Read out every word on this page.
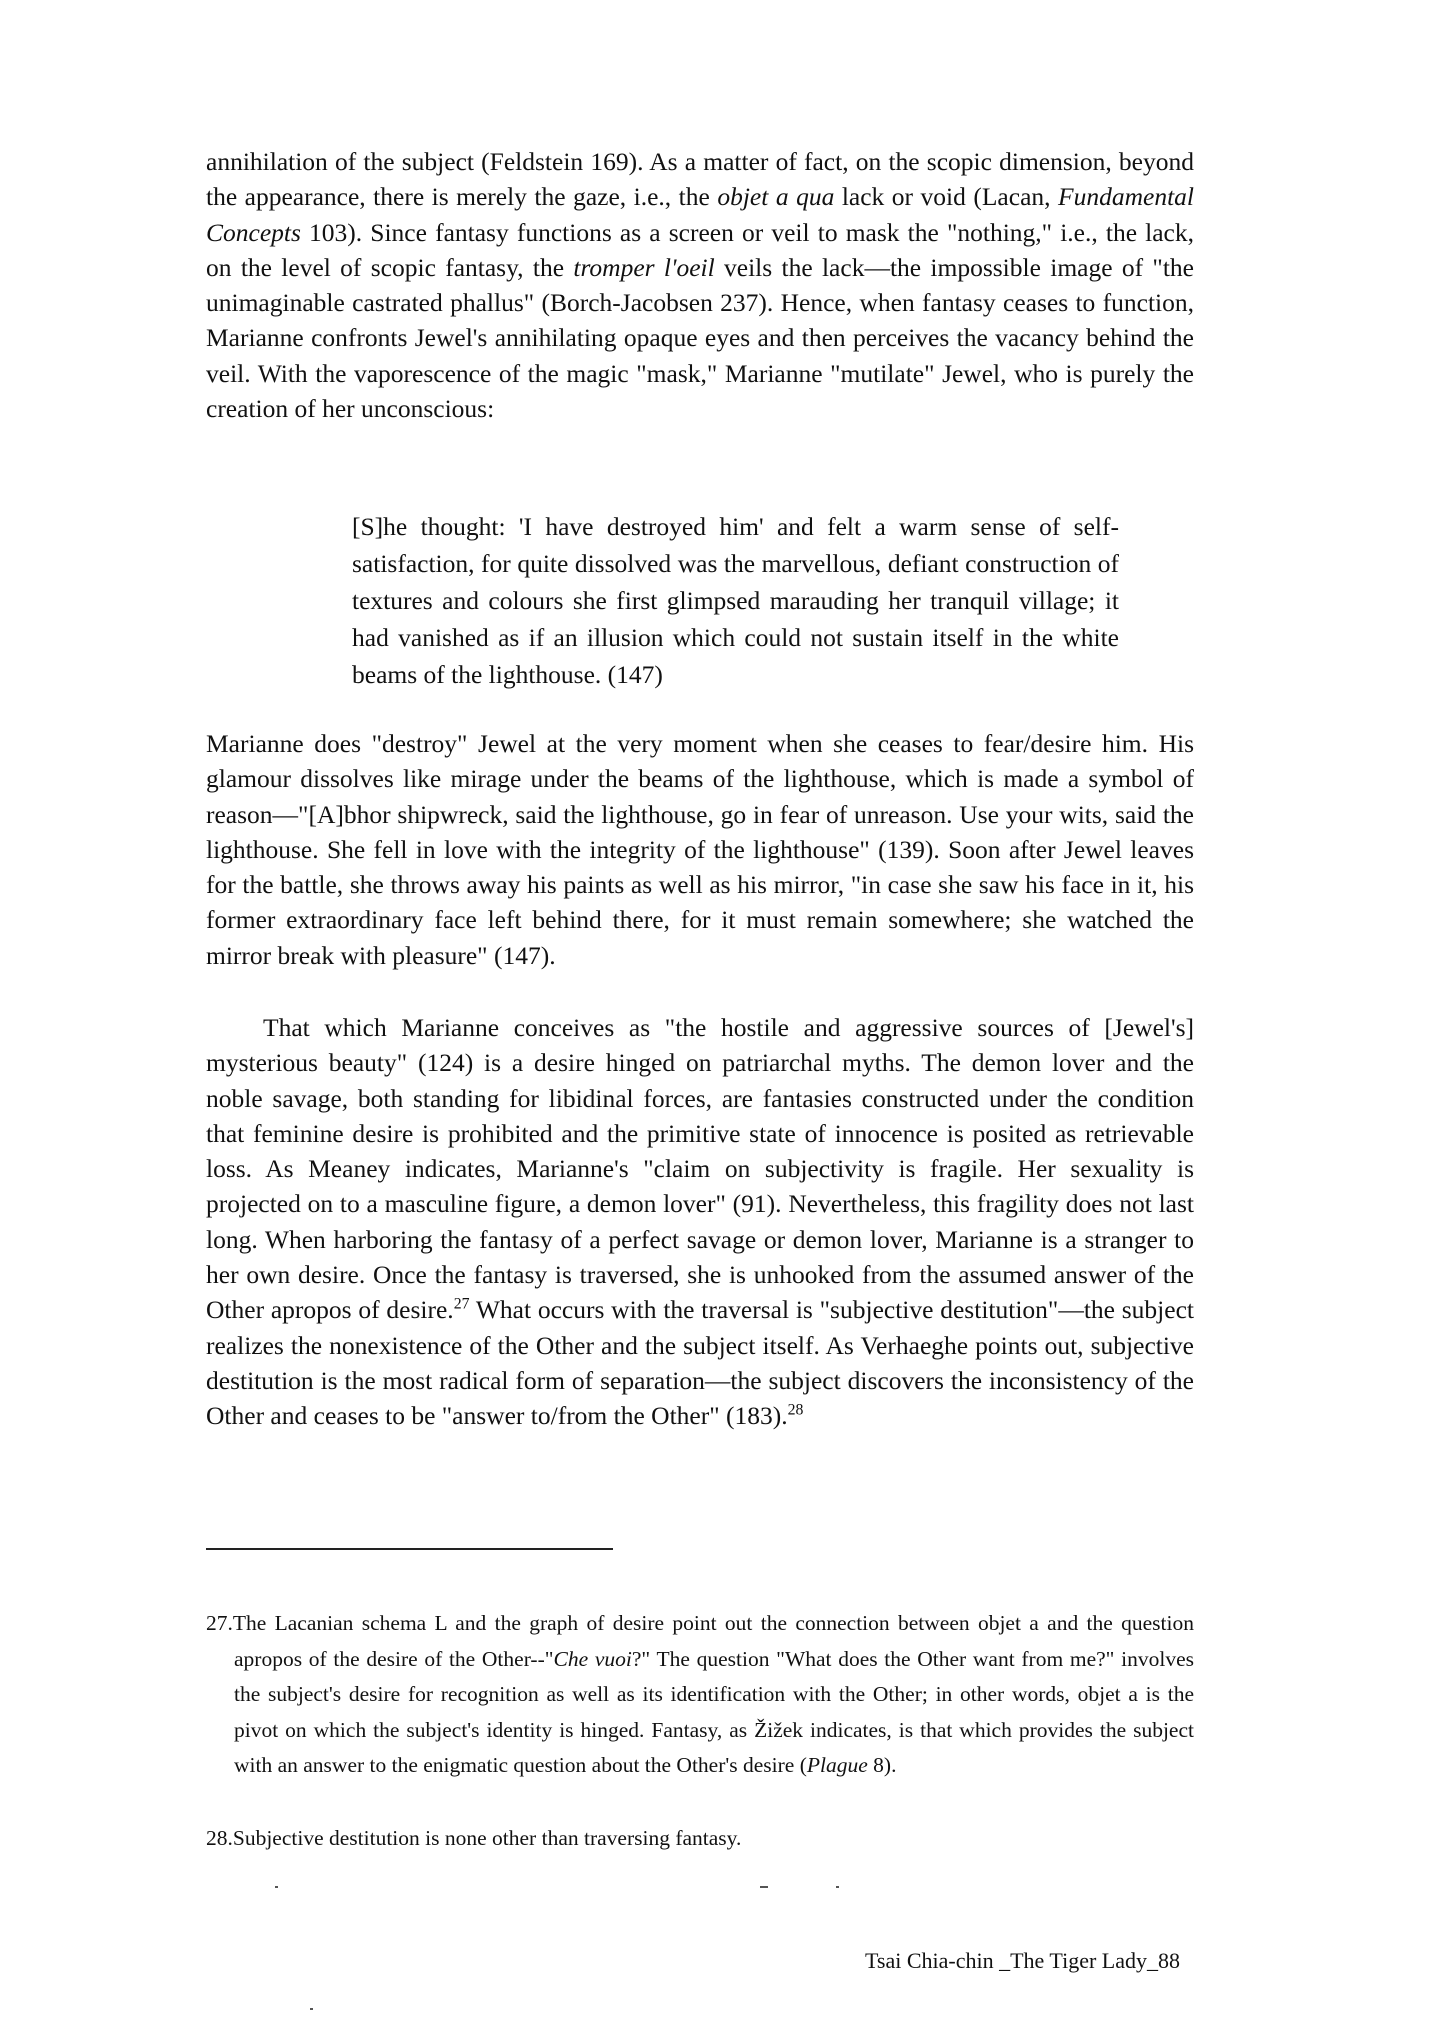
annihilation of the subject (Feldstein 169). As a matter of fact, on the scopic dimension, beyond the appearance, there is merely the gaze, i.e., the objet a qua lack or void (Lacan, Fundamental Concepts 103). Since fantasy functions as a screen or veil to mask the "nothing," i.e., the lack, on the level of scopic fantasy, the tromper l'oeil veils the lack—the impossible image of "the unimaginable castrated phallus" (Borch-Jacobsen 237). Hence, when fantasy ceases to function, Marianne confronts Jewel's annihilating opaque eyes and then perceives the vacancy behind the veil. With the vaporescence of the magic "mask," Marianne "mutilate" Jewel, who is purely the creation of her unconscious:

[S]he thought: 'I have destroyed him' and felt a warm sense of self-satisfaction, for quite dissolved was the marvellous, defiant construction of textures and colours she first glimpsed marauding her tranquil village; it had vanished as if an illusion which could not sustain itself in the white beams of the lighthouse. (147)

Marianne does "destroy" Jewel at the very moment when she ceases to fear/desire him. His glamour dissolves like mirage under the beams of the lighthouse, which is made a symbol of reason—"[A]bhor shipwreck, said the lighthouse, go in fear of unreason. Use your wits, said the lighthouse. She fell in love with the integrity of the lighthouse" (139). Soon after Jewel leaves for the battle, she throws away his paints as well as his mirror, "in case she saw his face in it, his former extraordinary face left behind there, for it must remain somewhere; she watched the mirror break with pleasure" (147).

That which Marianne conceives as "the hostile and aggressive sources of [Jewel's] mysterious beauty" (124) is a desire hinged on patriarchal myths. The demon lover and the noble savage, both standing for libidinal forces, are fantasies constructed under the condition that feminine desire is prohibited and the primitive state of innocence is posited as retrievable loss. As Meaney indicates, Marianne's "claim on subjectivity is fragile. Her sexuality is projected on to a masculine figure, a demon lover" (91). Nevertheless, this fragility does not last long. When harboring the fantasy of a perfect savage or demon lover, Marianne is a stranger to her own desire. Once the fantasy is traversed, she is unhooked from the assumed answer of the Other apropos of desire.$^{27}$ What occurs with the traversal is "subjective destitution"—the subject realizes the nonexistence of the Other and the subject itself. As Verhaeghe points out, subjective destitution is the most radical form of separation—the subject discovers the inconsistency of the Other and ceases to be "answer to/from the Other" (183).$^{28}$

27.The Lacanian schema L and the graph of desire point out the connection between objet a and the question apropos of the desire of the Other--"Che vuoi?" The question "What does the Other want from me?" involves the subject's desire for recognition as well as its identification with the Other; in other words, objet a is the pivot on which the subject's identity is hinged. Fantasy, as Žižek indicates, is that which provides the subject with an answer to the enigmatic question about the Other's desire (Plague 8).

28.Subjective destitution is none other than traversing fantasy.

Tsai Chia-chin _The Tiger Lady_88
